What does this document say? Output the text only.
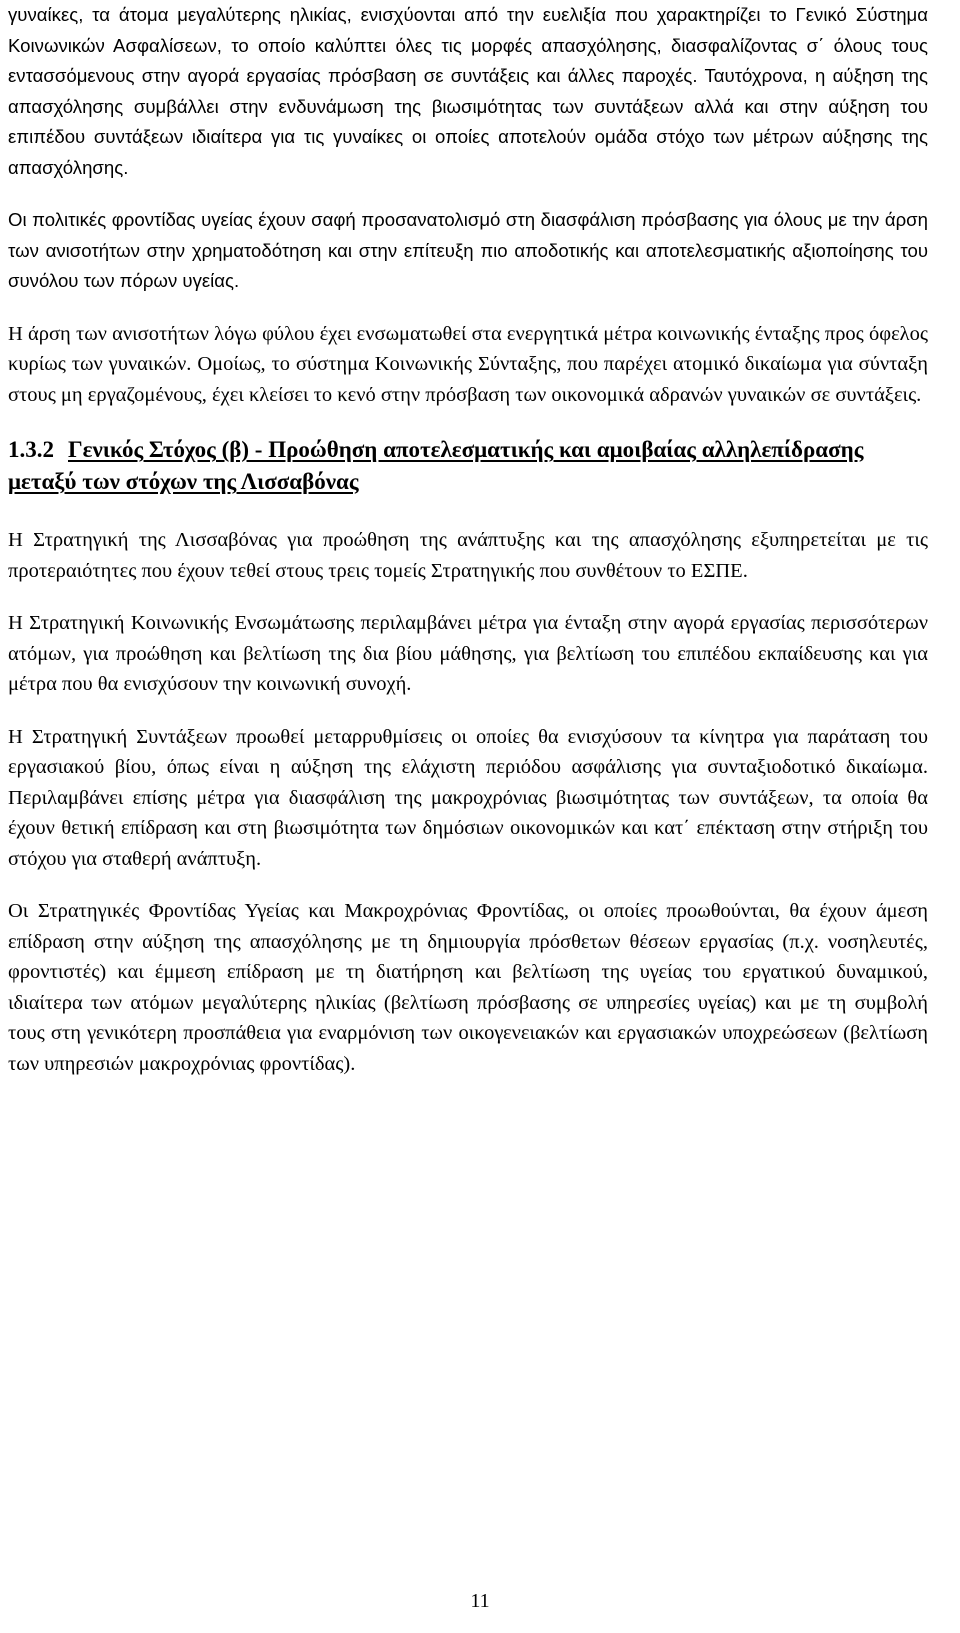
γυναίκες, τα άτομα μεγαλύτερης ηλικίας, ενισχύονται από την ευελιξία που χαρακτηρίζει το Γενικό Σύστημα Κοινωνικών Ασφαλίσεων, το οποίο καλύπτει όλες τις μορφές απασχόλησης, διασφαλίζοντας σ΄ όλους τους εντασσόμενους στην αγορά εργασίας πρόσβαση σε συντάξεις και άλλες παροχές. Ταυτόχρονα, η αύξηση της απασχόλησης συμβάλλει στην ενδυνάμωση της βιωσιμότητας των συντάξεων αλλά και στην αύξηση του επιπέδου συντάξεων ιδιαίτερα για τις γυναίκες οι οποίες αποτελούν ομάδα στόχο των μέτρων αύξησης της απασχόλησης.

Οι πολιτικές φροντίδας υγείας έχουν σαφή προσανατολισμό στη διασφάλιση πρόσβασης για όλους με την άρση των ανισοτήτων στην χρηματοδότηση και στην επίτευξη πιο αποδοτικής και αποτελεσματικής αξιοποίησης του συνόλου των πόρων υγείας.

Η άρση των ανισοτήτων λόγω φύλου έχει ενσωματωθεί στα ενεργητικά μέτρα κοινωνικής ένταξης προς όφελος κυρίως των γυναικών. Ομοίως, το σύστημα Κοινωνικής Σύνταξης, που παρέχει ατομικό δικαίωμα για σύνταξη στους μη εργαζομένους, έχει κλείσει το κενό στην πρόσβαση των οικονομικά αδρανών γυναικών σε συντάξεις.

1.3.2 Γενικός Στόχος (β) - Προώθηση αποτελεσματικής και αμοιβαίας αλληλεπίδρασης μεταξύ των στόχων της Λισσαβόνας

Η Στρατηγική της Λισσαβόνας για προώθηση της ανάπτυξης και της απασχόλησης εξυπηρετείται με τις προτεραιότητες που έχουν τεθεί στους τρεις τομείς Στρατηγικής που συνθέτουν το ΕΣΠΕ.

Η Στρατηγική Κοινωνικής Ενσωμάτωσης περιλαμβάνει μέτρα για ένταξη στην αγορά εργασίας περισσότερων ατόμων, για προώθηση και βελτίωση της δια βίου μάθησης, για βελτίωση του επιπέδου εκπαίδευσης και για μέτρα που θα ενισχύσουν την κοινωνική συνοχή.

Η Στρατηγική Συντάξεων προωθεί μεταρρυθμίσεις οι οποίες θα ενισχύσουν τα κίνητρα για παράταση του εργασιακού βίου, όπως είναι η αύξηση της ελάχιστη περιόδου ασφάλισης για συνταξιοδοτικό δικαίωμα. Περιλαμβάνει επίσης μέτρα για διασφάλιση της μακροχρόνιας βιωσιμότητας των συντάξεων, τα οποία θα έχουν θετική επίδραση και στη βιωσιμότητα των δημόσιων οικονομικών και κατ΄ επέκταση στην στήριξη του στόχου για σταθερή ανάπτυξη.

Οι Στρατηγικές Φροντίδας Υγείας και Μακροχρόνιας Φροντίδας, οι οποίες προωθούνται, θα έχουν άμεση επίδραση στην αύξηση της απασχόλησης με τη δημιουργία πρόσθετων θέσεων εργασίας (π.χ. νοσηλευτές, φροντιστές) και έμμεση επίδραση με τη διατήρηση και βελτίωση της υγείας του εργατικού δυναμικού, ιδιαίτερα των ατόμων μεγαλύτερης ηλικίας (βελτίωση πρόσβασης σε υπηρεσίες υγείας) και με τη συμβολή τους στη γενικότερη προσπάθεια για εναρμόνιση των οικογενειακών και εργασιακών υποχρεώσεων (βελτίωση των υπηρεσιών μακροχρόνιας φροντίδας).

11
